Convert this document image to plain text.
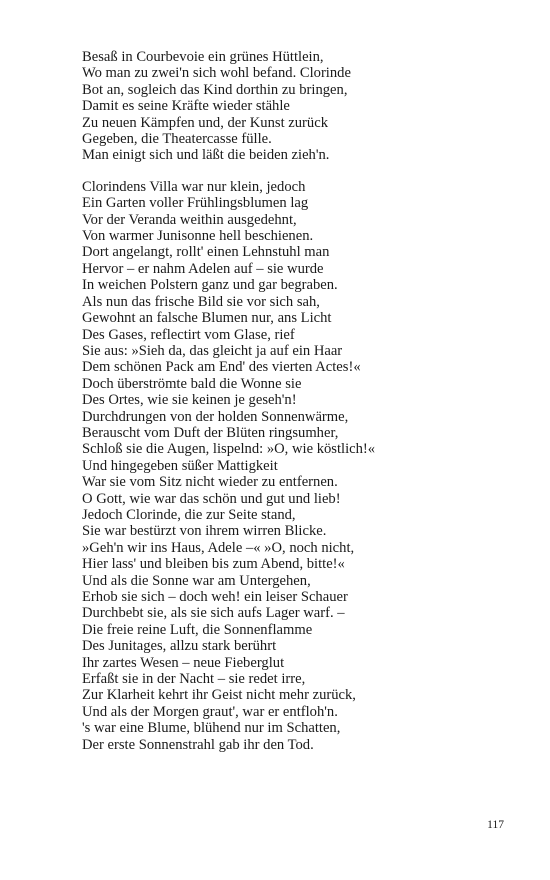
Besaß in Courbevoie ein grünes Hüttlein,
Wo man zu zwei'n sich wohl befand. Clorinde
Bot an, sogleich das Kind dorthin zu bringen,
Damit es seine Kräfte wieder stähle
Zu neuen Kämpfen und, der Kunst zurück
Gegeben, die Theatercasse fülle.
Man einigt sich und läßt die beiden zieh'n.
Clorindens Villa war nur klein, jedoch
Ein Garten voller Frühlingsblumen lag
Vor der Veranda weithin ausgedehnt,
Von warmer Junisonne hell beschienen.
Dort angelangt, rollt' einen Lehnstuhl man
Hervor – er nahm Adelen auf – sie wurde
In weichen Polstern ganz und gar begraben.
Als nun das frische Bild sie vor sich sah,
Gewohnt an falsche Blumen nur, ans Licht
Des Gases, reflectirt vom Glase, rief
Sie aus: »Sieh da, das gleicht ja auf ein Haar
Dem schönen Pack am End' des vierten Actes!«
Doch überströmte bald die Wonne sie
Des Ortes, wie sie keinen je geseh'n!
Durchdrungen von der holden Sonnenwärme,
Berauscht vom Duft der Blüten ringsumher,
Schloß sie die Augen, lispelnd: »O, wie köstlich!«
Und hingegeben süßer Mattigkeit
War sie vom Sitz nicht wieder zu entfernen.
O Gott, wie war das schön und gut und lieb!
Jedoch Clorinde, die zur Seite stand,
Sie war bestürzt von ihrem wirren Blicke.
»Geh'n wir ins Haus, Adele –« »O, noch nicht,
Hier lass' und bleiben bis zum Abend, bitte!«
Und als die Sonne war am Untergehen,
Erhob sie sich – doch weh! ein leiser Schauer
Durchbebt sie, als sie sich aufs Lager warf. –
Die freie reine Luft, die Sonnenflamme
Des Junitages, allzu stark berührt
Ihr zartes Wesen – neue Fieberglut
Erfaßt sie in der Nacht – sie redet irre,
Zur Klarheit kehrt ihr Geist nicht mehr zurück,
Und als der Morgen graut', war er entfloh'n.
's war eine Blume, blühend nur im Schatten,
Der erste Sonnenstrahl gab ihr den Tod.
117
